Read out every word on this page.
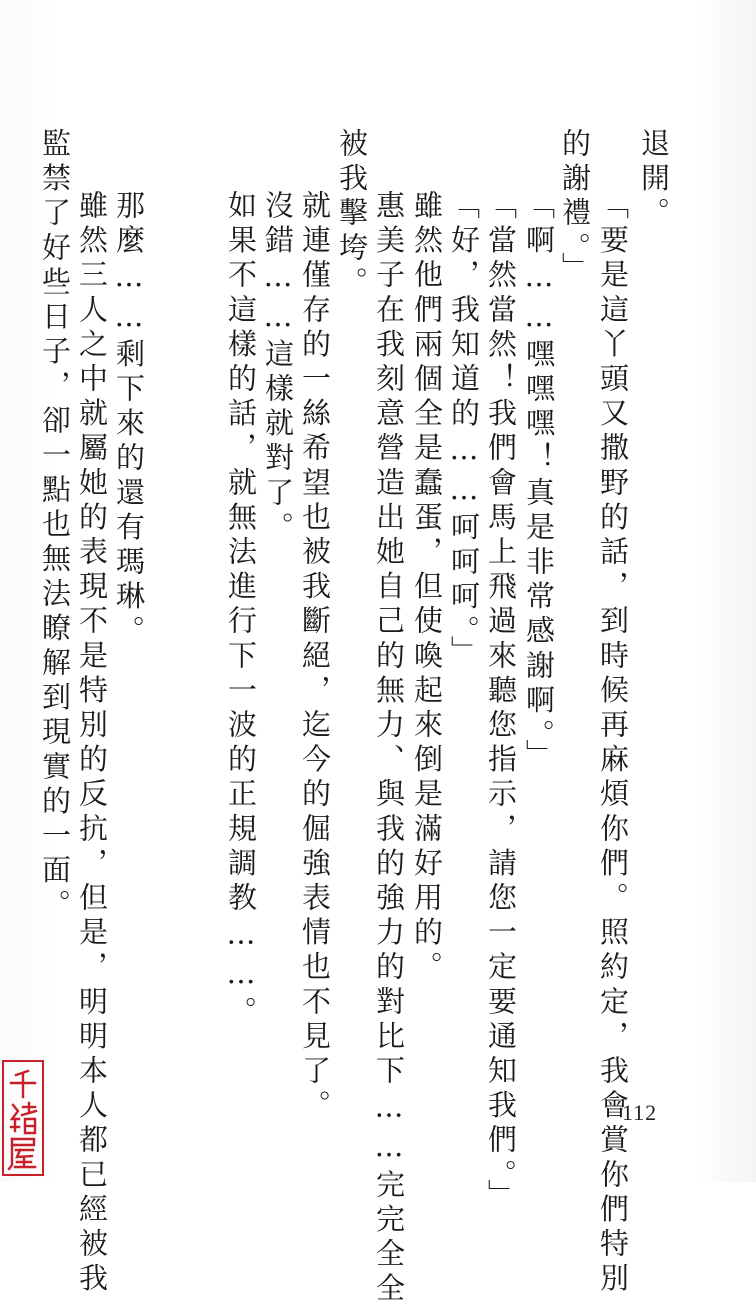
退開。
「要是這丫頭又撒野的話，到時候再麻煩你們。照約定，我會賞你們特別
的謝禮。」
「啊……嘿嘿嘿！真是非常感謝啊。」
「當然當然！我們會馬上飛過來聽您指示，請您一定要通知我們。」
「好，我知道的……呵呵呵。」
雖然他們兩個全是蠢蛋，但使喚起來倒是滿好用的。
惠美子在我刻意營造出她自己的無力、與我的強力的對比下……完完全全
被我擊垮。
就連僅存的一絲希望也被我斷絕，迄今的倔強表情也不見了。
沒錯……這樣就對了。
如果不這樣的話，就無法進行下一波的正規調教……。
那麼……剩下來的還有瑪琳。
雖然三人之中就屬她的表現不是特別的反抗，但是，明明本人都已經被我
監禁了好些日子，卻一點也無法瞭解到現實的一面。
112
